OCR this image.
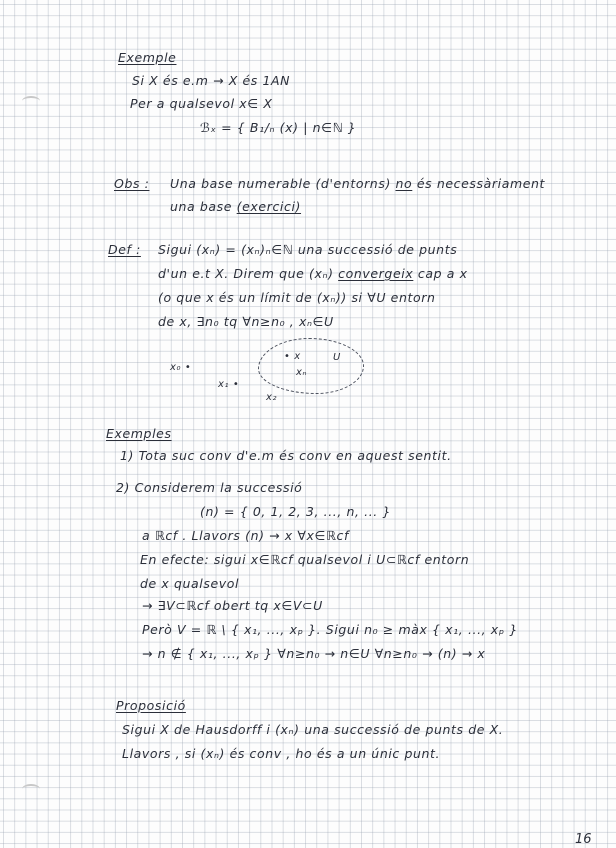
Exemple
Si X és e.m → X és 1AN
Per a qualsevol x∈ X
ℬₓ = { B₁/ₙ (x) | n∈ℕ }
Obs : Una base numerable (d'entorns) no és necessàriament
una base (exercici)
Def : Sigui (xₙ) = (xₙ)ₙ∈ℕ una successió de punts
d'un e.t X. Direm que (xₙ) convergeix cap a x
(o que x és un límit de (xₙ)) si ∀U entorn
de x, ∃n₀ tq ∀n≥n₀ , xₙ∈U
• x	U
xₙ
x₀ •
x₁ •
x₂
Exemples
1) Tota suc conv d'e.m és conv en aquest sentit.
2) Considerem la successió
(n) = { 0, 1, 2, 3, ..., n, ... }
a ℝcf . Llavors (n) → x ∀x∈ℝcf
En efecte: sigui x∈ℝcf qualsevol i U⊂ℝcf entorn
de x qualsevol
→ ∃V⊂ℝcf obert tq x∈V⊂U
Però V = ℝ \ { x₁, ..., xₚ }. Sigui n₀ ≥ màx { x₁, ..., xₚ }
→ n ∉ { x₁, ..., xₚ } ∀n≥n₀ → n∈U ∀n≥n₀ → (n) → x
Proposició
Sigui X de Hausdorff i (xₙ) una successió de punts de X.
Llavors , si (xₙ) és conv , ho és a un únic punt.
16
